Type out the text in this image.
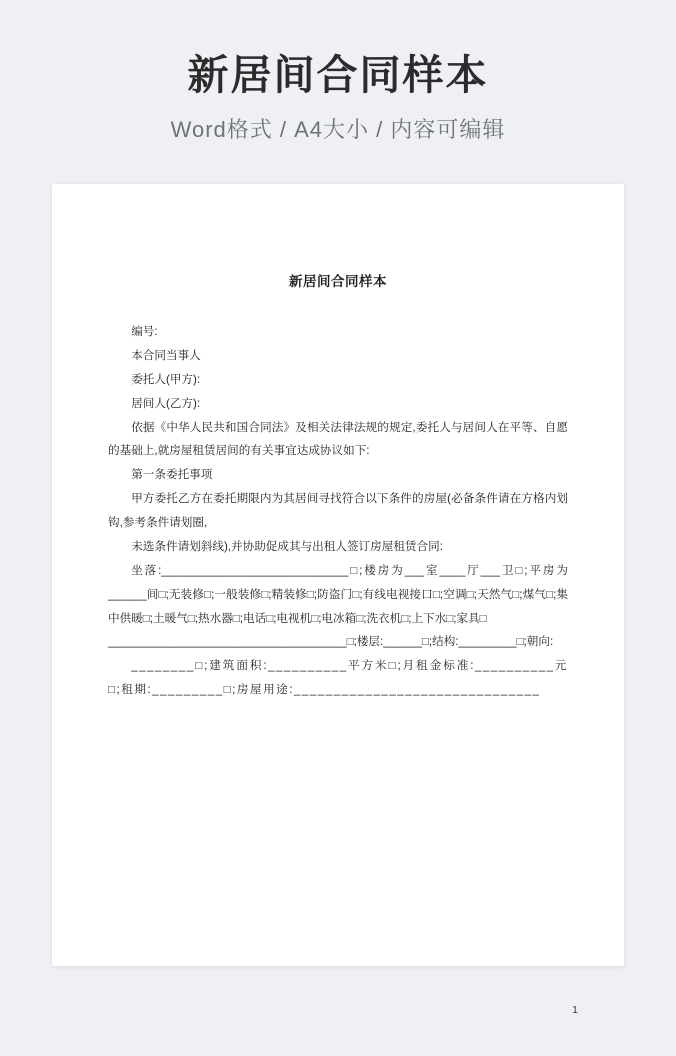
新居间合同样本
Word格式 / A4大小 / 内容可编辑
新居间合同样本

编号:

本合同当事人

委托人(甲方):

居间人(乙方):

依据《中华人民共和国合同法》及相关法律法规的规定,委托人与居间人在平等、自愿的基础上,就房屋租赁居间的有关事宜达成协议如下:

第一条委托事项

甲方委托乙方在委托期限内为其居间寻找符合以下条件的房屋(必备条件请在方格内划钩,参考条件请划圈,

未选条件请划斜线),并协助促成其与出租人签订房屋租赁合同:

坐落:_____________________________□;楼房为___室____厅___卫□;平房为______间□;无装修□;一般装修□;精装修□;防盗门□;有线电视接口□;空调□;天然气□;煤气□;集中供暖□;土暖气□;热水器□;电话□;电视机□;电冰箱□;洗衣机□;上下水□;家具□

_____________________________________□;楼层:______□;结构:_________□;朝向:

________□;建筑面积:__________平方米□;月租金标准:__________元□;租期:_________□;房屋用途:_______________________________

1
